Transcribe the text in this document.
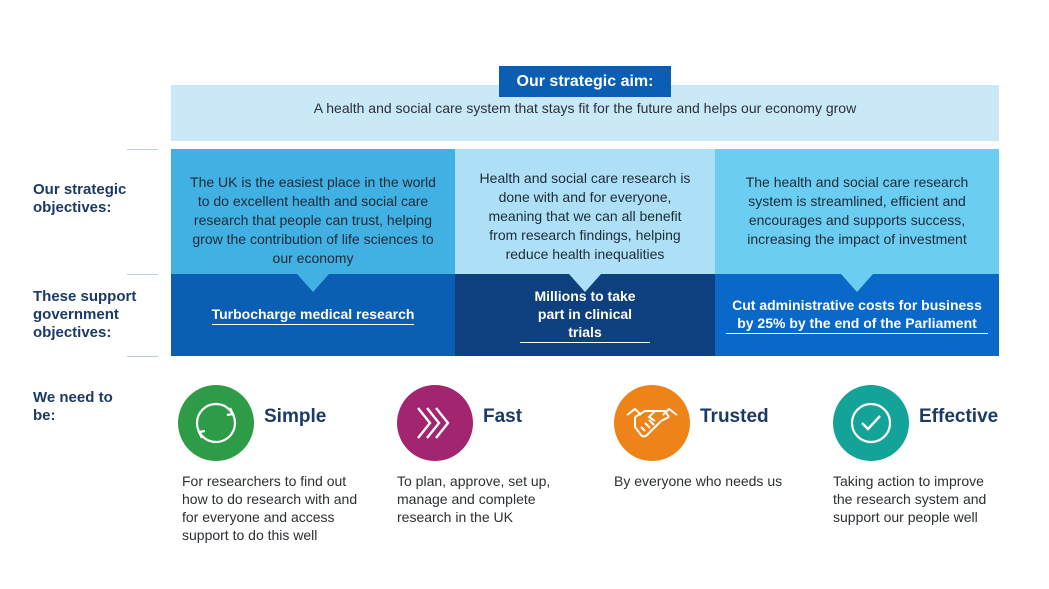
A health and social care system that stays fit for the future and helps our economy grow
Our strategic aim:
Our strategic objectives:
These support government objectives:
We need to be:
The UK is the easiest place in the world to do excellent health and social care research that people can trust, helping grow the contribution of life sciences to our economy
Health and social care research is done with and for everyone, meaning that we can all benefit from research findings, helping reduce health inequalities
The health and social care research system is streamlined, efficient and encourages and supports success, increasing the impact of investment
Turbocharge medical research
Millions to take part in clinical trials
Cut administrative costs for business by 25% by the end of the Parliament
Simple
For researchers to find out how to do research with and for everyone and access support to do this well
Fast
To plan, approve, set up, manage and complete research in the UK
Trusted
By everyone who needs us
Effective
Taking action to improve the research system and support our people well
